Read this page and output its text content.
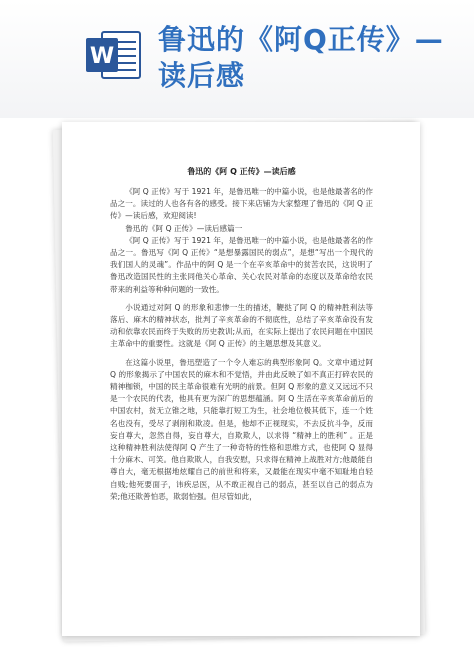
W
鲁迅的《阿Q正传》—读后感
鲁迅的《阿 Q 正传》—读后感

《阿 Q 正传》写于 1921 年，是鲁迅唯一的中篇小说，也是他最著名的作品之一。读过的人也各有各的感受。接下来店铺为大家整理了鲁迅的《阿 Q 正传》—读后感，欢迎阅读!

鲁迅的《阿 Q 正传》—读后感篇一

《阿 Q 正传》写于 1921 年，是鲁迅唯一的中篇小说，也是他最著名的作品之一。鲁迅写《阿 Q 正传》“是想暴露国民的弱点”，是想“写出一个现代的我们国人的灵魂”。作品中的阿 Q 是一个在辛亥革命中的贫苦农民，这说明了鲁迅改造国民性的主张同他关心革命、关心农民对革命的态度以及革命给农民带来的利益等种种问题的一致性。

小说通过对阿 Q 的形象和悲惨一生的描述，鞭挞了阿 Q 的精神胜利法等落后、麻木的精神状态，批判了辛亥革命的不彻底性，总结了辛亥革命没有发动和依靠农民而终于失败的历史教训;从而，在实际上提出了农民问题在中国民主革命中的重要性。这就是《阿 Q 正传》的主题思想及其意义。

在这篇小说里，鲁迅塑造了一个令人难忘的典型形象阿 Q。文章中通过阿 Q 的形象揭示了中国农民的麻木和不觉悟，并由此反映了如不真正打碎农民的精神枷锁，中国的民主革命很难有光明的前景。但阿 Q 形象的意义又远远不只是一个农民的代表，他具有更为深广的思想蕴涵。阿 Q 生活在辛亥革命前后的中国农村，贫无立锥之地，只能靠打短工为生，社会地位极其低下，连一个姓名也没有，受尽了剥削和欺凌。但是，他却不正视现实，不去反抗斗争，反而妄自尊大，忽然自得，妄自尊大，自欺欺人，以求得 “精神上的胜利” 。正是这种精神胜利法使得阿 Q 产生了一种奇特的性格和思维方式，也使阿 Q 显得十分麻木、可笑。他自欺欺人，自我安慰，只求得在精神上战胜对方;他最能自尊自大，毫无根据地炫耀自己的前世和将来，又最能在现实中毫不知耻地自轻自贱;他死要面子，讳疾忌医，从不敢正视自己的弱点，甚至以自己的弱点为荣;他还欺善怕恶，欺弱怕强。但尽管如此，
